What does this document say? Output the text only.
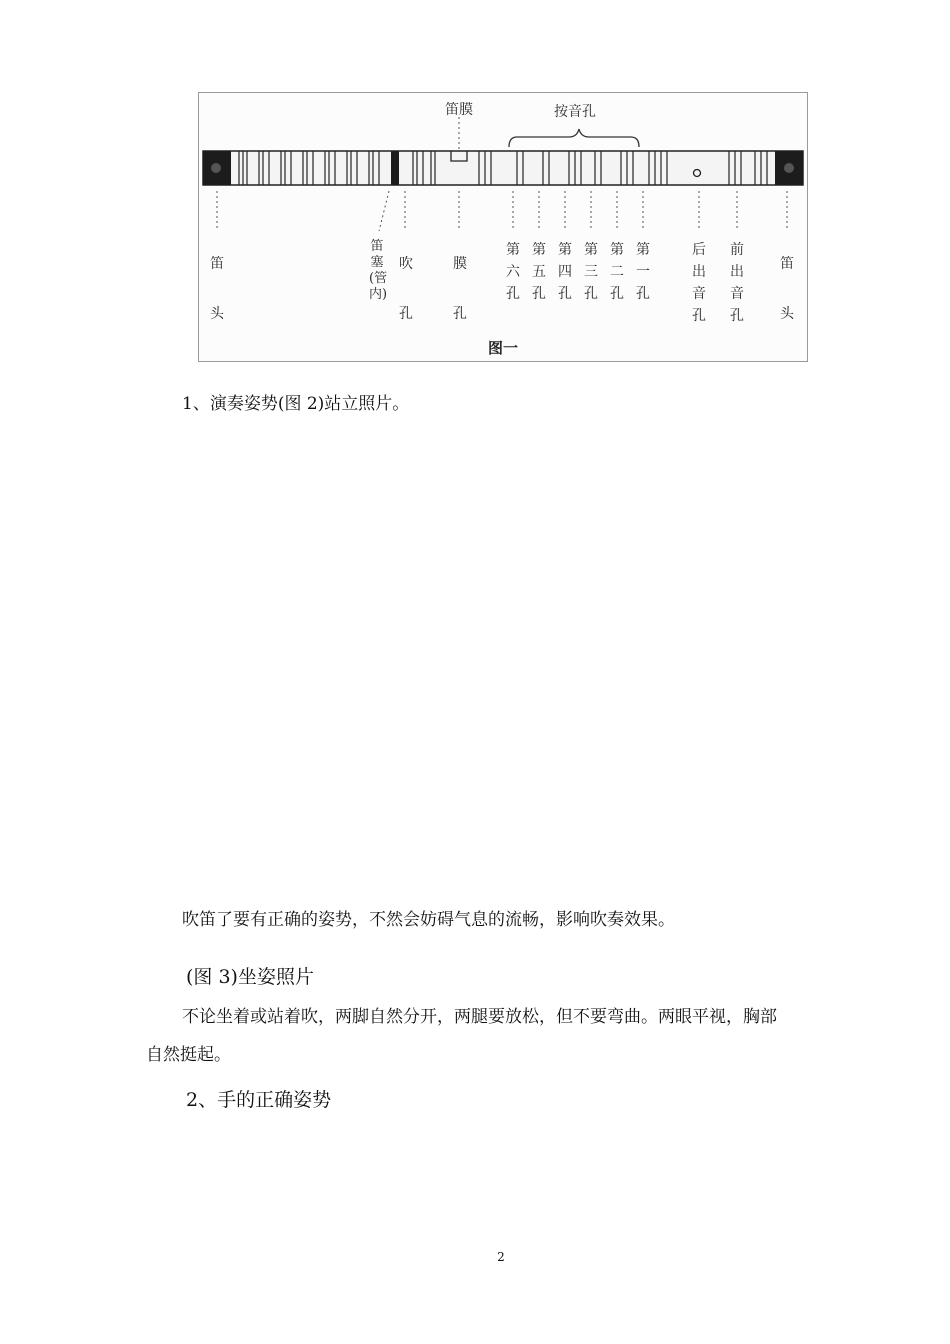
笛膜	按音孔
笛头
笛塞(管内)
吹孔
膜孔
第六孔
第五孔
第四孔
第三孔
第二孔
第一孔
后出音孔
前出音孔
笛头
图一
1、演奏姿势(图 2)站立照片。
吹笛了要有正确的姿势，不然会妨碍气息的流畅，影响吹奏效果。
(图 3)坐姿照片
不论坐着或站着吹，两脚自然分开，两腿要放松，但不要弯曲。两眼平视，胸部
自然挺起。
2、手的正确姿势
2
